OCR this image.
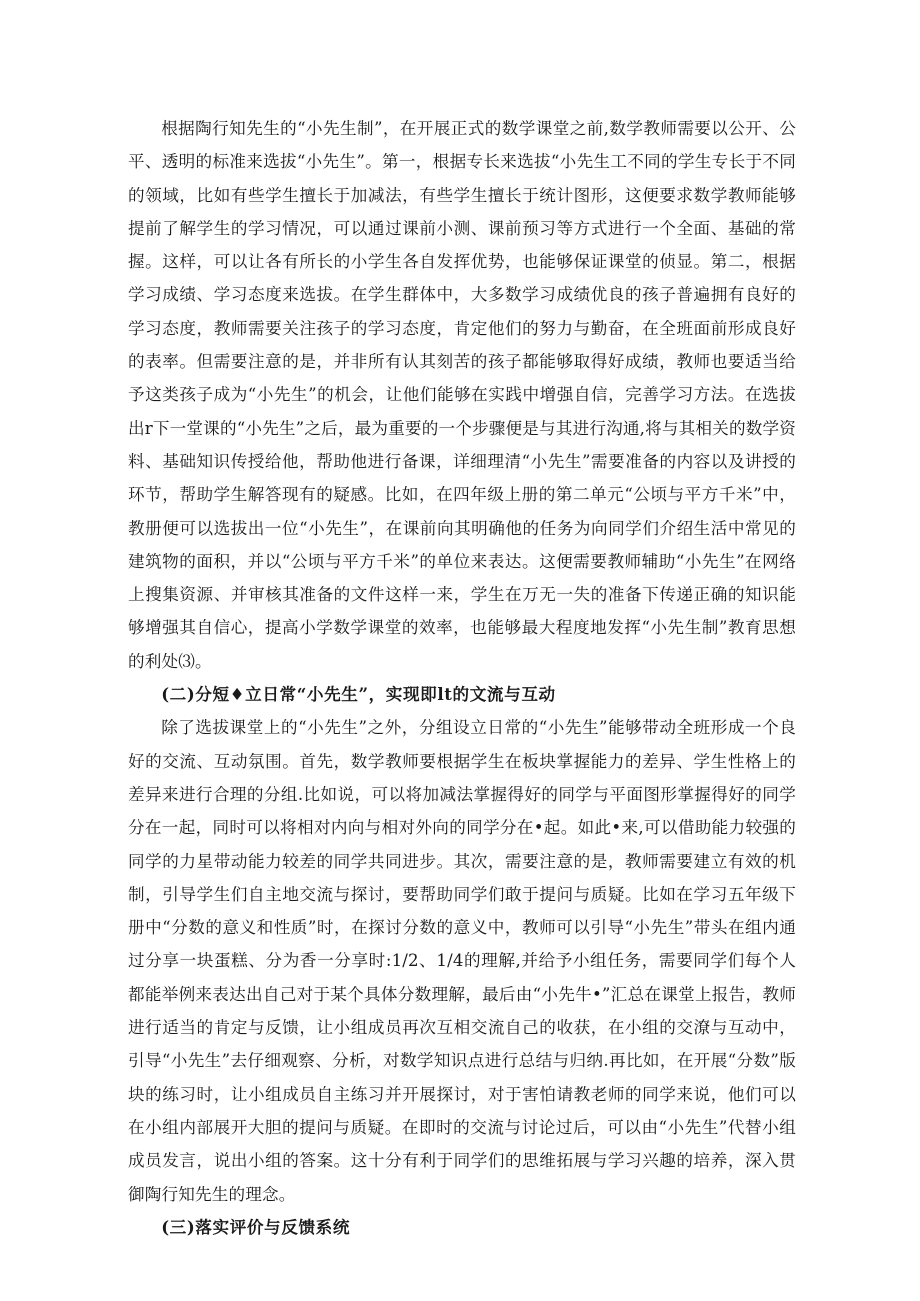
根据陶行知先生的“小先生制”，在开展正式的数学课堂之前,数学教师需要以公开、公平、透明的标准来选拔“小先生”。第一，根据专长来选拔“小先生工不同的学生专长于不同的领域，比如有些学生擅长于加减法，有些学生擅长于统计图形，这便要求数学教师能够提前了解学生的学习情况，可以通过课前小测、课前预习等方式进行一个全面、基础的常握。这样，可以让各有所长的小学生各自发挥优势，也能够保证课堂的侦显。第二，根据学习成绩、学习态度来选拔。在学生群体中，大多数学习成绩优良的孩子普遍拥有良好的学习态度，教师需要关注孩子的学习态度，肯定他们的努力与勤奋，在全班面前形成良好的表率。但需要注意的是，并非所有认其刻苦的孩子都能够取得好成绩，教师也要适当给予这类孩子成为“小先生”的机会，让他们能够在实践中增强自信，完善学习方法。在选拔出r下一堂课的“小先生”之后，最为重要的一个步骤便是与其进行沟通,将与其相关的数学资料、基础知识传授给他，帮助他进行备课，详细理清“小先生”需要准备的内容以及讲授的环节，帮助学生解答现有的疑感。比如，在四年级上册的第二单元“公顷与平方千米”中，教册便可以选拔出一位“小先生”，在课前向其明确他的任务为向同学们介绍生活中常见的建筑物的面积，并以“公顷与平方千米”的单位来表达。这便需要教师辅助“小先生”在网络上搜集资源、并审核其准备的文件这样一来，学生在万无一失的准备下传递正确的知识能够增强其自信心，提高小学数学课堂的效率，也能够最大程度地发挥“小先生制”教育思想的利处⑶。

(二)分短♦立日常“小先生”，实现即lt的文流与互动

除了选拔课堂上的“小先生”之外，分组设立日常的“小先生”能够带动全班形成一个良好的交流、互动氛围。首先，数学教师要根据学生在板块掌握能力的差异、学生性格上的差异来进行合理的分组.比如说，可以将加减法掌握得好的同学与平面图形掌握得好的同学分在一起，同时可以将相对内向与相对外向的同学分在•起。如此•来,可以借助能力较强的同学的力星带动能力较差的同学共同进步。其次，需要注意的是，教师需要建立有效的机制，引导学生们自主地交流与探讨，要帮助同学们敢于提问与质疑。比如在学习五年级下册中“分数的意义和性质”时，在探讨分数的意义中，教师可以引导“小先生”带头在组内通过分享一块蛋糕、分为香一分享时:1/2、1/4的理解,并给予小组任务，需要同学们每个人都能举例来表达出自己对于某个具体分数理解，最后由“小先牛•”汇总在课堂上报告，教师进行适当的肯定与反馈，让小组成员再次互相交流自己的收获，在小组的交潦与互动中，引导“小先生”去仔细观察、分析，对数学知识点进行总结与归纳.再比如，在开展“分数”版块的练习时，让小组成员自主练习并开展探讨，对于害怕请教老师的同学来说，他们可以在小组内部展开大胆的提问与质疑。在即时的交流与讨论过后，可以由“小先生”代替小组成员发言，说出小组的答案。这十分有利于同学们的思维拓展与学习兴趣的培养，深入贯御陶行知先生的理念。

(三)落实评价与反馈系统
